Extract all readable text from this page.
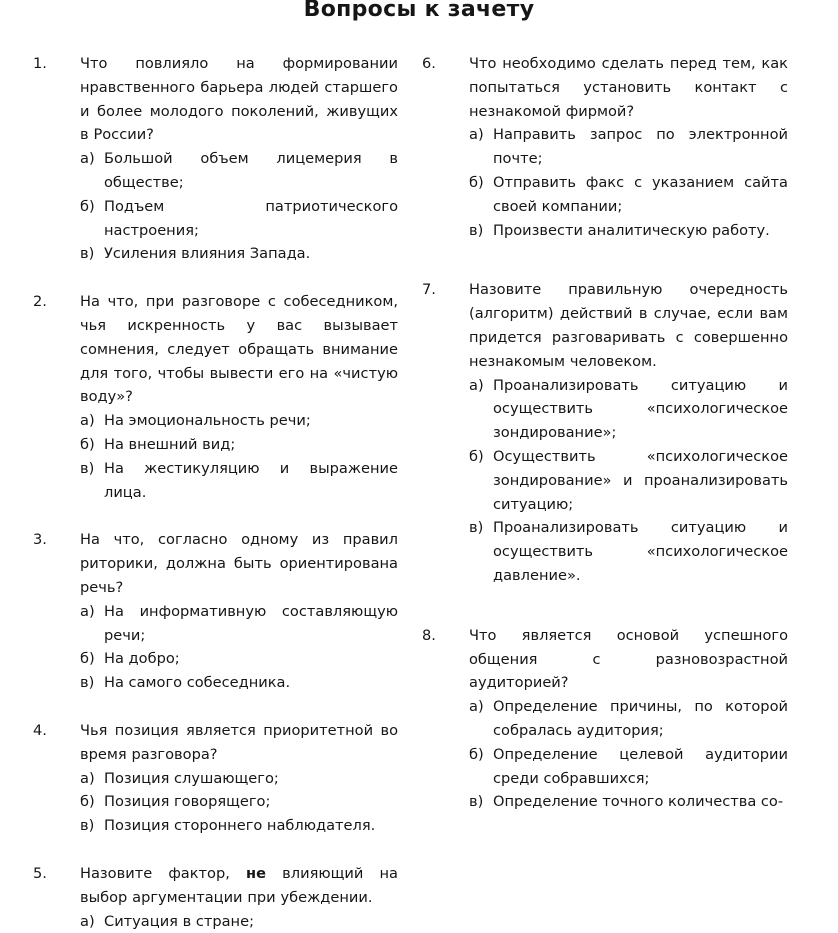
Вопросы к зачету
1. Что повлияло на формировании нравственного барьера людей старшего и более молодого поколений, живущих в России?
а) Большой объем лицемерия в обществе;
б) Подъем патриотического настроения;
в) Усиления влияния Запада.
2. На что, при разговоре с собеседником, чья искренность у вас вызывает сомнения, следует обращать внимание для того, чтобы вывести его на «чистую воду»?
а) На эмоциональность речи;
б) На внешний вид;
в) На жестикуляцию и выражение лица.
3. На что, согласно одному из правил риторики, должна быть ориентирована речь?
а) На информативную составляющую речи;
б) На добро;
в) На самого собеседника.
4. Чья позиция является приоритетной во время разговора?
а) Позиция слушающего;
б) Позиция говорящего;
в) Позиция стороннего наблюдателя.
5. Назовите фактор, не влияющий на выбор аргументации при убеждении.
а) Ситуация в стране;
6. Что необходимо сделать перед тем, как попытаться установить контакт с незнакомой фирмой?
а) Направить запрос по электронной почте;
б) Отправить факс с указанием сайта своей компании;
в) Произвести аналитическую работу.
7. Назовите правильную очередность (алгоритм) действий в случае, если вам придется разговаривать с совершенно незнакомым человеком.
а) Проанализировать ситуацию и осуществить «психологическое зондирование»;
б) Осуществить «психологическое зондирование» и проанализировать ситуацию;
в) Проанализировать ситуацию и осуществить «психологическое давление».
8. Что является основой успешного общения с разновозрастной аудиторией?
а) Определение причины, по которой собралась аудитория;
б) Определение целевой аудитории среди собравшихся;
в) Определение точного количества со-
